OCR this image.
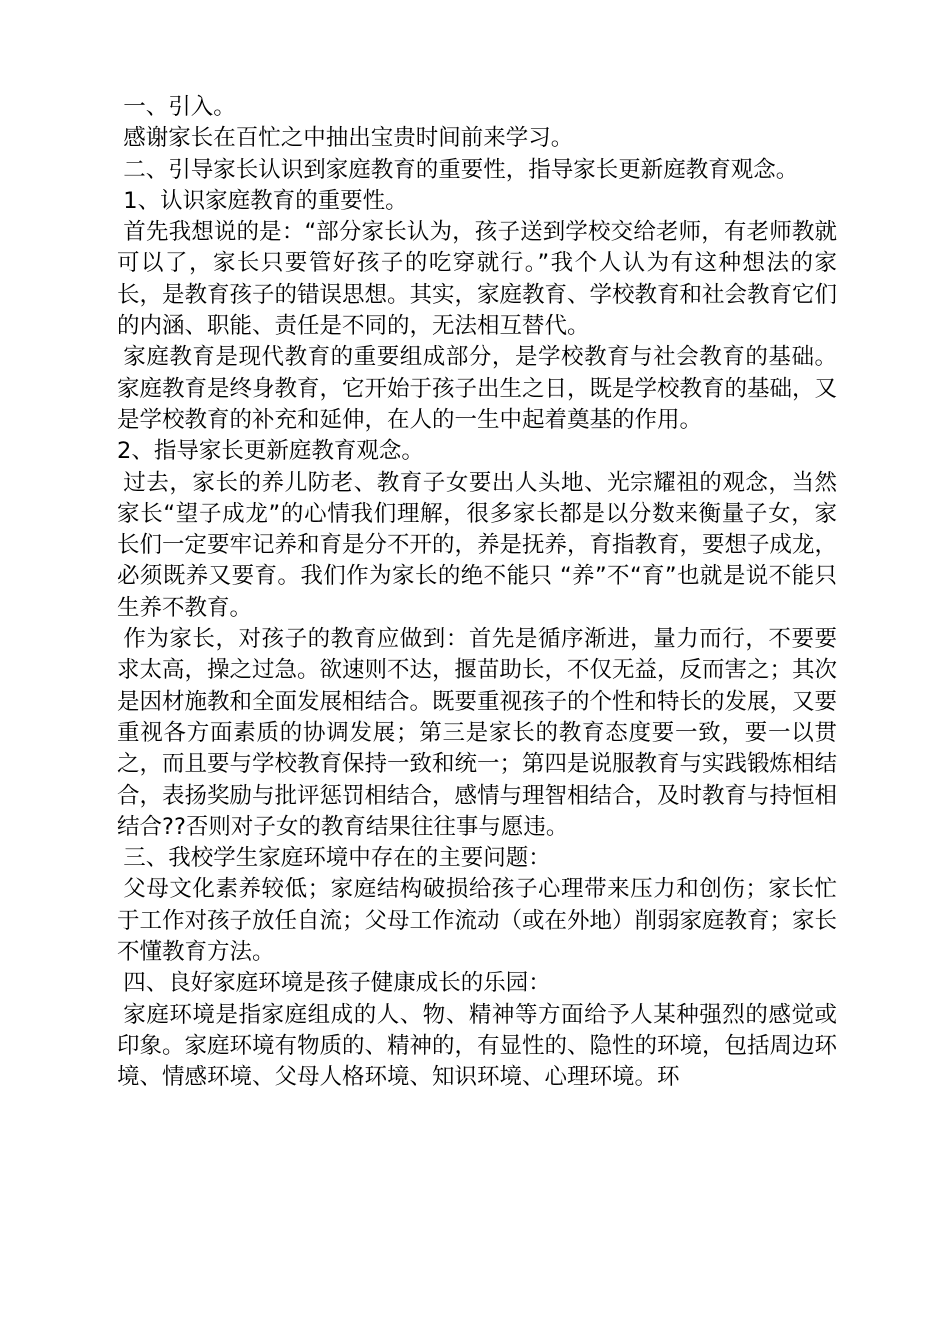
一、引入。

感谢家长在百忙之中抽出宝贵时间前来学习。

二、引导家长认识到家庭教育的重要性，指导家长更新庭教育观念。

1、认识家庭教育的重要性。

首先我想说的是：“部分家长认为，孩子送到学校交给老师，有老师教就可以了，家长只要管好孩子的吃穿就行。”我个人认为有这种想法的家长，是教育孩子的错误思想。其实，家庭教育、学校教育和社会教育它们的内涵、职能、责任是不同的，无法相互替代。

家庭教育是现代教育的重要组成部分，是学校教育与社会教育的基础。家庭教育是终身教育，它开始于孩子出生之日，既是学校教育的基础，又是学校教育的补充和延伸，在人的一生中起着奠基的作用。

2、指导家长更新庭教育观念。

过去，家长的养儿防老、教育子女要出人头地、光宗耀祖的观念，当然家长“望子成龙”的心情我们理解，很多家长都是以分数来衡量子女，家长们一定要牢记养和育是分不开的，养是抚养，育指教育，要想子成龙，必须既养又要育。我们作为家长的绝不能只 “养”不“育”也就是说不能只生养不教育。

作为家长，对孩子的教育应做到：首先是循序渐进，量力而行，不要要求太高，操之过急。欲速则不达，揠苗助长，不仅无益，反而害之；其次是因材施教和全面发展相结合。既要重视孩子的个性和特长的发展，又要重视各方面素质的协调发展；第三是家长的教育态度要一致，要一以贯之，而且要与学校教育保持一致和统一；第四是说服教育与实践锻炼相结合，表扬奖励与批评惩罚相结合，感情与理智相结合，及时教育与持恒相结合??否则对子女的教育结果往往事与愿违。

三、我校学生家庭环境中存在的主要问题：

父母文化素养较低；家庭结构破损给孩子心理带来压力和创伤；家长忙于工作对孩子放任自流；父母工作流动（或在外地）削弱家庭教育；家长不懂教育方法。

四、良好家庭环境是孩子健康成长的乐园：

家庭环境是指家庭组成的人、物、精神等方面给予人某种强烈的感觉或印象。家庭环境有物质的、精神的，有显性的、隐性的环境，包括周边环境、情感环境、父母人格环境、知识环境、心理环境。环
